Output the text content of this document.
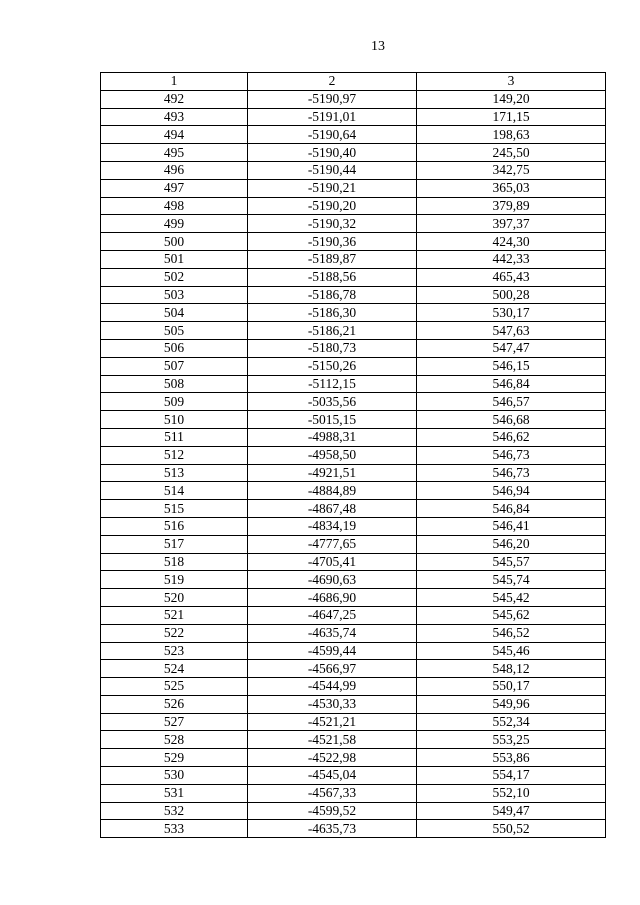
13
1	2	3
492	-5190,97	149,20
493	-5191,01	171,15
494	-5190,64	198,63
495	-5190,40	245,50
496	-5190,44	342,75
497	-5190,21	365,03
498	-5190,20	379,89
499	-5190,32	397,37
500	-5190,36	424,30
501	-5189,87	442,33
502	-5188,56	465,43
503	-5186,78	500,28
504	-5186,30	530,17
505	-5186,21	547,63
506	-5180,73	547,47
507	-5150,26	546,15
508	-5112,15	546,84
509	-5035,56	546,57
510	-5015,15	546,68
511	-4988,31	546,62
512	-4958,50	546,73
513	-4921,51	546,73
514	-4884,89	546,94
515	-4867,48	546,84
516	-4834,19	546,41
517	-4777,65	546,20
518	-4705,41	545,57
519	-4690,63	545,74
520	-4686,90	545,42
521	-4647,25	545,62
522	-4635,74	546,52
523	-4599,44	545,46
524	-4566,97	548,12
525	-4544,99	550,17
526	-4530,33	549,96
527	-4521,21	552,34
528	-4521,58	553,25
529	-4522,98	553,86
530	-4545,04	554,17
531	-4567,33	552,10
532	-4599,52	549,47
533	-4635,73	550,52
